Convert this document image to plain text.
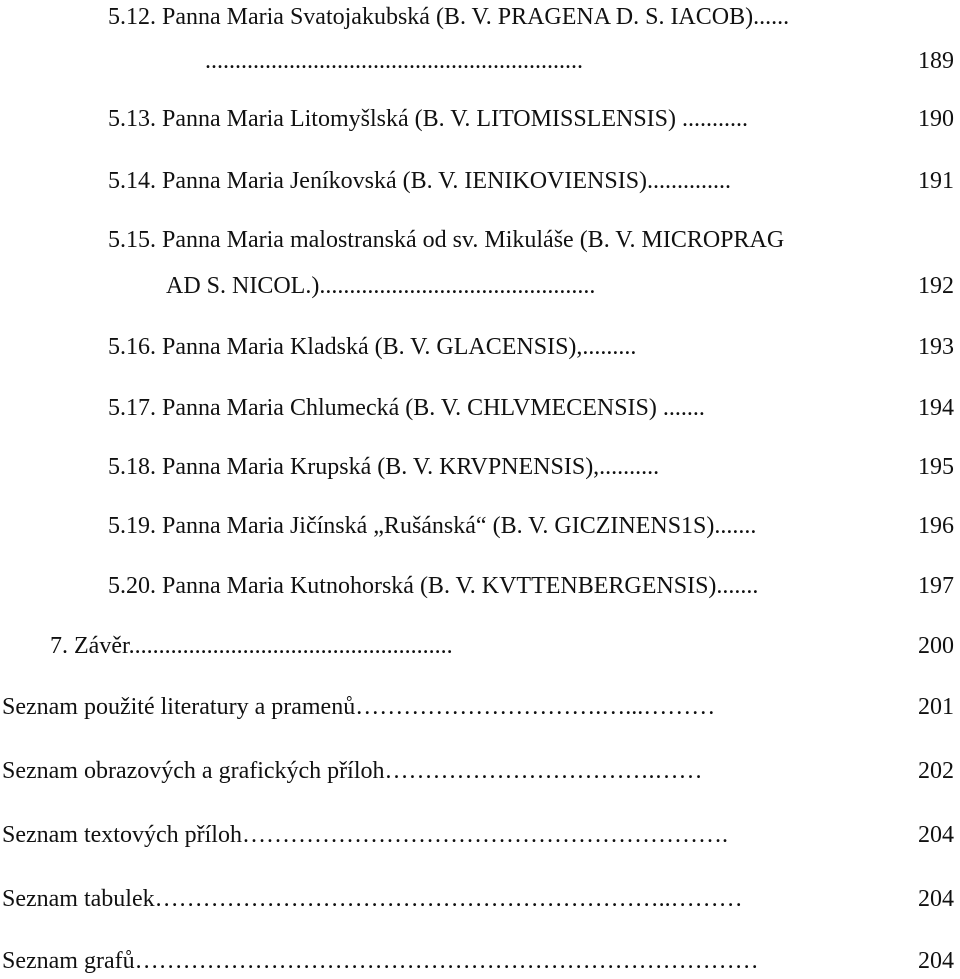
5.12. Panna Maria Svatojakubská (B. V. PRAGENA D. S. IACOB)......
...............................................................	189
5.13. Panna Maria Litomyšlská (B. V. LITOMISSLENSIS) ...........	190
5.14. Panna Maria Jeníkovská (B. V. IENIKOVIENSIS)..............	191
5.15. Panna Maria malostranská od sv. Mikuláše (B. V. MICROPRAG
AD S. NICOL.)..............................................	192
5.16. Panna Maria Kladská (B. V. GLACENSIS),.........	193
5.17. Panna Maria Chlumecká (B. V. CHLVMECENSIS) .......	194
5.18. Panna Maria Krupská (B. V. KRVPNENSIS),..........	195
5.19. Panna Maria Jičínská „Rušánská“ (B. V. GICZINENS1S).......	196
5.20. Panna Maria Kutnohorská (B. V. KVTTENBERGENSIS).......	197
7. Závěr......................................................	200
Seznam použité literatury a pramenů………………………….…...………	201
Seznam obrazových a grafických příloh…………………………….……	202
Seznam textových příloh…………………………………………………….	204
Seznam tabulek………………………………………………………..………	204
Seznam grafů……………………………………………………………………	204
